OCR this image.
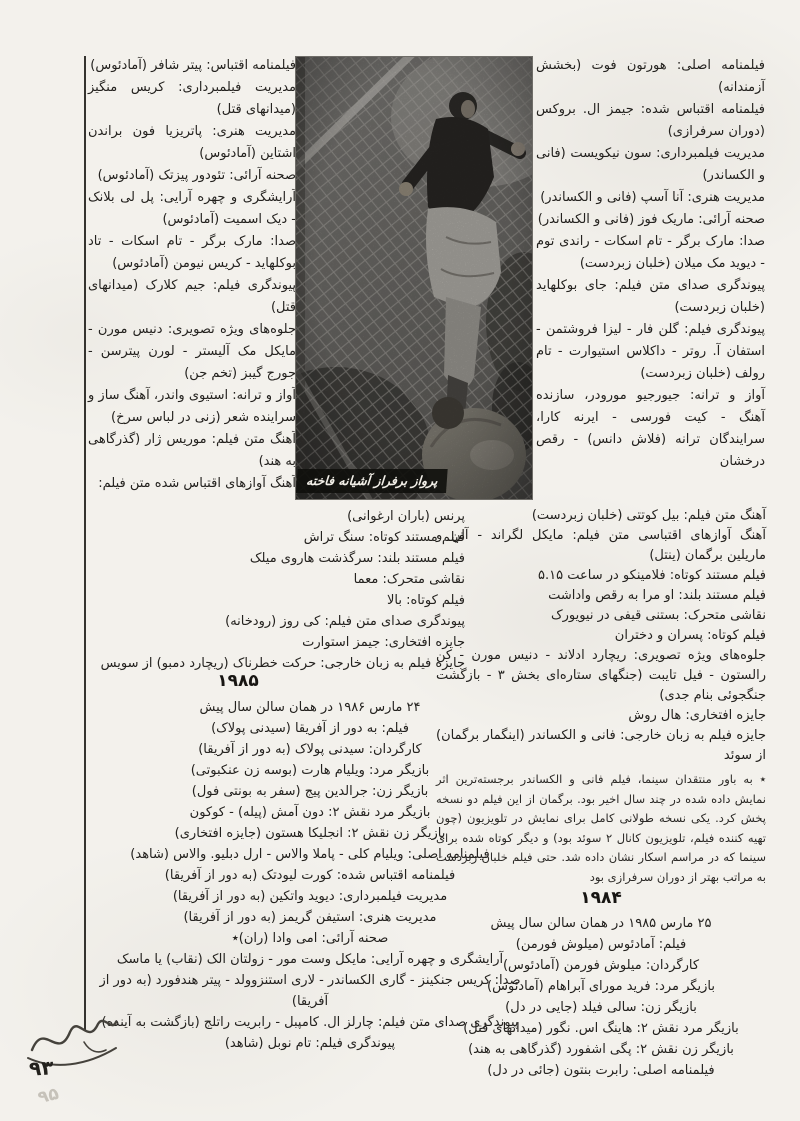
فیلمنامه اقتباس: پیتر شافر (آمادئوس)
مدیریت فیلمبرداری: کریس منگیز (میدانهای قتل)
مدیریت هنری: پاتریزیا فون براندن اشتاین (آمادئوس)
صحنه آرائی: تئودور پیزتک (آمادئوس)
آرایشگری و چهره آرایی: پل لی بلانک - دیک اسمیت (آمادئوس)
صدا: مارک برگر - تام اسکات - تاد بوکلهاید - کریس نیومن (آمادئوس)
پیوندگری فیلم: جیم کلارک (میدانهای قتل)
جلوه‌های ویژه تصویری: دنیس مورن - مایکل مک آلیستر - لورن پیترسن - جورج گیبز (تخم جن)
آواز و ترانه: استیوی واندر، آهنگ ساز و سراینده شعر (زنی در لباس سرخ)
آهنگ متن فیلم: موریس ژار (گذرگاهی به هند)
آهنگ آوازهای اقتباس شده متن فیلم: پرواز برفراز آشیانه فاخته
فیلمنامه اصلی: هورتون فوت (بخشش آزمندانه)
فیلمنامه اقتباس شده: جیمز ال. بروکس (دوران سرفرازی)
مدیریت فیلمبرداری: سون نیکویست (فانی و الکساندر)
مدیریت هنری: آنا آسپ (فانی و الکساندر)
صحنه آرائی: ماریک فوز (فانی و الکساندر)
صدا: مارک برگر - تام اسکات - راندی توم - دیوید مک میلان (خلبان زبردست)
پیوندگری صدای متن فیلم: جای بوکلهاید (خلبان زبردست)
پیوندگری فیلم: گلن فار - لیزا فروشتمن - استفان آ. روتر - داکلاس استیوارت - تام رولف (خلبان زبردست)
آواز و ترانه: جیورجیو مورودر، سازنده آهنگ - کیت فورسی - ایرنه کارا، سرایندگان ترانه (فلاش دانس) - رقص درخشان
آهنگ متن فیلم: بیل کوتتی (خلبان زبردست)
آهنگ آوازهای اقتباسی متن فیلم: مایکل لگراند - آلن و ماریلین برگمان (ینتل)
فیلم مستند کوتاه: فلامینکو در ساعت ۵.۱۵
فیلم مستند بلند: او مرا به رقص واداشت
نقاشی متحرک: بستنی قیفی در نیویورک
فیلم کوتاه: پسران و دختران
جلوه‌های ویژه تصویری: ریچارد ادلاند - دنیس مورن - کن رالستون - فیل تایبت (جنگهای ستاره‌ای بخش ۳ - بازگشت جنگجوئی بنام جدی)
جایزه افتخاری: هال روش
جایزه فیلم به زبان خارجی: فانی و الکساندر (اینگمار برگمان) از سوئد
٭ به باور منتقدان سینما، فیلم فانی و الکساندر برجسته‌ترین اثر نمایش داده شده در چند سال اخیر بود. برگمان از این فیلم دو نسخه پخش کرد. یکی نسخه طولانی کامل برای نمایش در تلویزیون (چون تهیه کننده فیلم، تلویزیون کانال ۲ سوئد بود) و دیگر کوتاه شده برای سینما که در مراسم اسکار نشان داده شد. حتی فیلم خلبان زبردست به مراتب بهتر از دوران سرفرازی بود
۱۹۸۴
۲۵ مارس ۱۹۸۵ در همان سالن سال پیش
فیلم: آمادئوس (میلوش فورمن)
کارگردان: میلوش فورمن (آمادئوس)
بازیگر مرد: فرید مورای آبراهام (آمادئوس)
بازیگر زن: سالی فیلد (جایی در دل)
بازیگر مرد نقش ۲: هاینگ اس. نگور (میدانهای قتل)
بازیگر زن نقش ۲: پگی اشفورد (گذرگاهی به هند)
فیلمنامه اصلی: رابرت بنتون (جائی در دل)
پرنس (باران ارغوانی)
فیلم مستند کوتاه: سنگ تراش
فیلم مستند بلند: سرگذشت هاروی میلک
نقاشی متحرک: معما
فیلم کوتاه: بالا
پیوندگری صدای متن فیلم: کی روز (رودخانه)
جایزه افتخاری: جیمز استوارت
جایزه فیلم به زبان خارجی: حرکت خطرناک (ریچارد دمبو) از سویس
۱۹۸۵
۲۴ مارس ۱۹۸۶ در همان سالن سال پیش
فیلم: به دور از آفریقا (سیدنی پولاک)
کارگردان: سیدنی پولاک (به دور از آفریقا)
بازیگر مرد: ویلیام هارت (بوسه زن عنکبوتی)
بازیگر زن: جرالدین پیج (سفر به بونتی فول)
بازیگر مرد نقش ۲: دون آمش (پیله) - کوکون
بازیگر زن نقش ۲: انجلیکا هستون (جایزه افتخاری)
فیلمنامه اصلی: ویلیام کلی - پاملا والاس - ارل دبلیو. والاس (شاهد)
فیلمنامه اقتباس شده: کورت لیودتک (به دور از آفریقا)
مدیریت فیلمبرداری: دیوید واتکین (به دور از آفریقا)
مدیریت هنری: استیفن گریمز (به دور از آفریقا)
صحنه آرائی: امی وادا (ران)٭
آرایشگری و چهره آرایی: مایکل وست مور - زولتان الک (نقاب) یا ماسک
صدا: کریس جنکینز - گاری الکساندر - لاری استنزوولد - پیتر هندفورد (به دور از آفریقا)
پیوندگری صدای متن فیلم: چارلز ال. کامپبل - رابریت راتلج (بازگشت به آینده)
پیوندگری فیلم: تام نوبل (شاهد)
۹۳
۹۵
